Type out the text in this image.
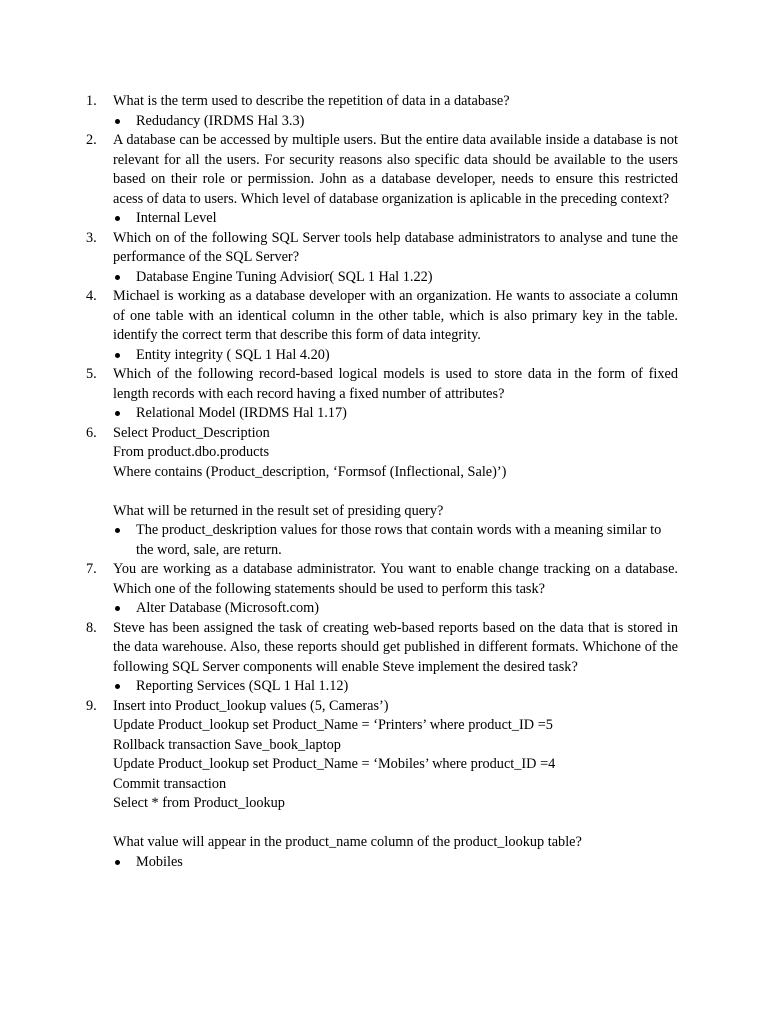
1. What is the term used to describe the repetition of data in a database?

Redudancy (IRDMS Hal 3.3)

2. A database can be accessed by multiple users. But the entire data available inside a database is not relevant for all the users. For security reasons also specific data should be available to the users based on their role or permission. John as a database developer, needs to ensure this restricted acess of data to users. Which level of database organization is aplicable in the preceding context?

Internal Level

3. Which on of the following SQL Server tools help database administrators to analyse and tune the performance of the SQL Server?

Database Engine Tuning Advisior( SQL 1 Hal 1.22)

4. Michael is working as a database developer with an organization. He wants to associate a column of one table with an identical column in the other table, which is also primary key in the table. identify the correct term that describe this form of data integrity.

Entity integrity ( SQL 1 Hal 4.20)

5. Which of the following record-based logical models is used to store data in the form of fixed length records with each record having a fixed number of attributes?

Relational Model (IRDMS Hal 1.17)

6. Select Product_Description

From product.dbo.products

Where contains (Product_description, ‘Formsof (Inflectional, Sale)’)

What will be returned in the result set of presiding query?

The product_deskription values for those rows that contain words with a meaning similar to the word, sale, are return.

7. You are working as a database administrator. You want to enable change tracking on a database. Which one of the following statements should be used to perform this task?

Alter Database (Microsoft.com)

8. Steve has been assigned the task of creating web-based reports based on the data that is stored in the data warehouse. Also, these reports should get published in different formats. Whichone of the following SQL Server components will enable Steve implement the desired task?

Reporting Services (SQL 1 Hal 1.12)

9. Insert into Product_lookup values (5, Cameras’)

Update Product_lookup set Product_Name = ‘Printers’ where product_ID =5

Rollback transaction Save_book_laptop

Update Product_lookup set Product_Name = ‘Mobiles’ where product_ID =4

Commit transaction

Select * from Product_lookup

What value will appear in the product_name column of the product_lookup table?

Mobiles
